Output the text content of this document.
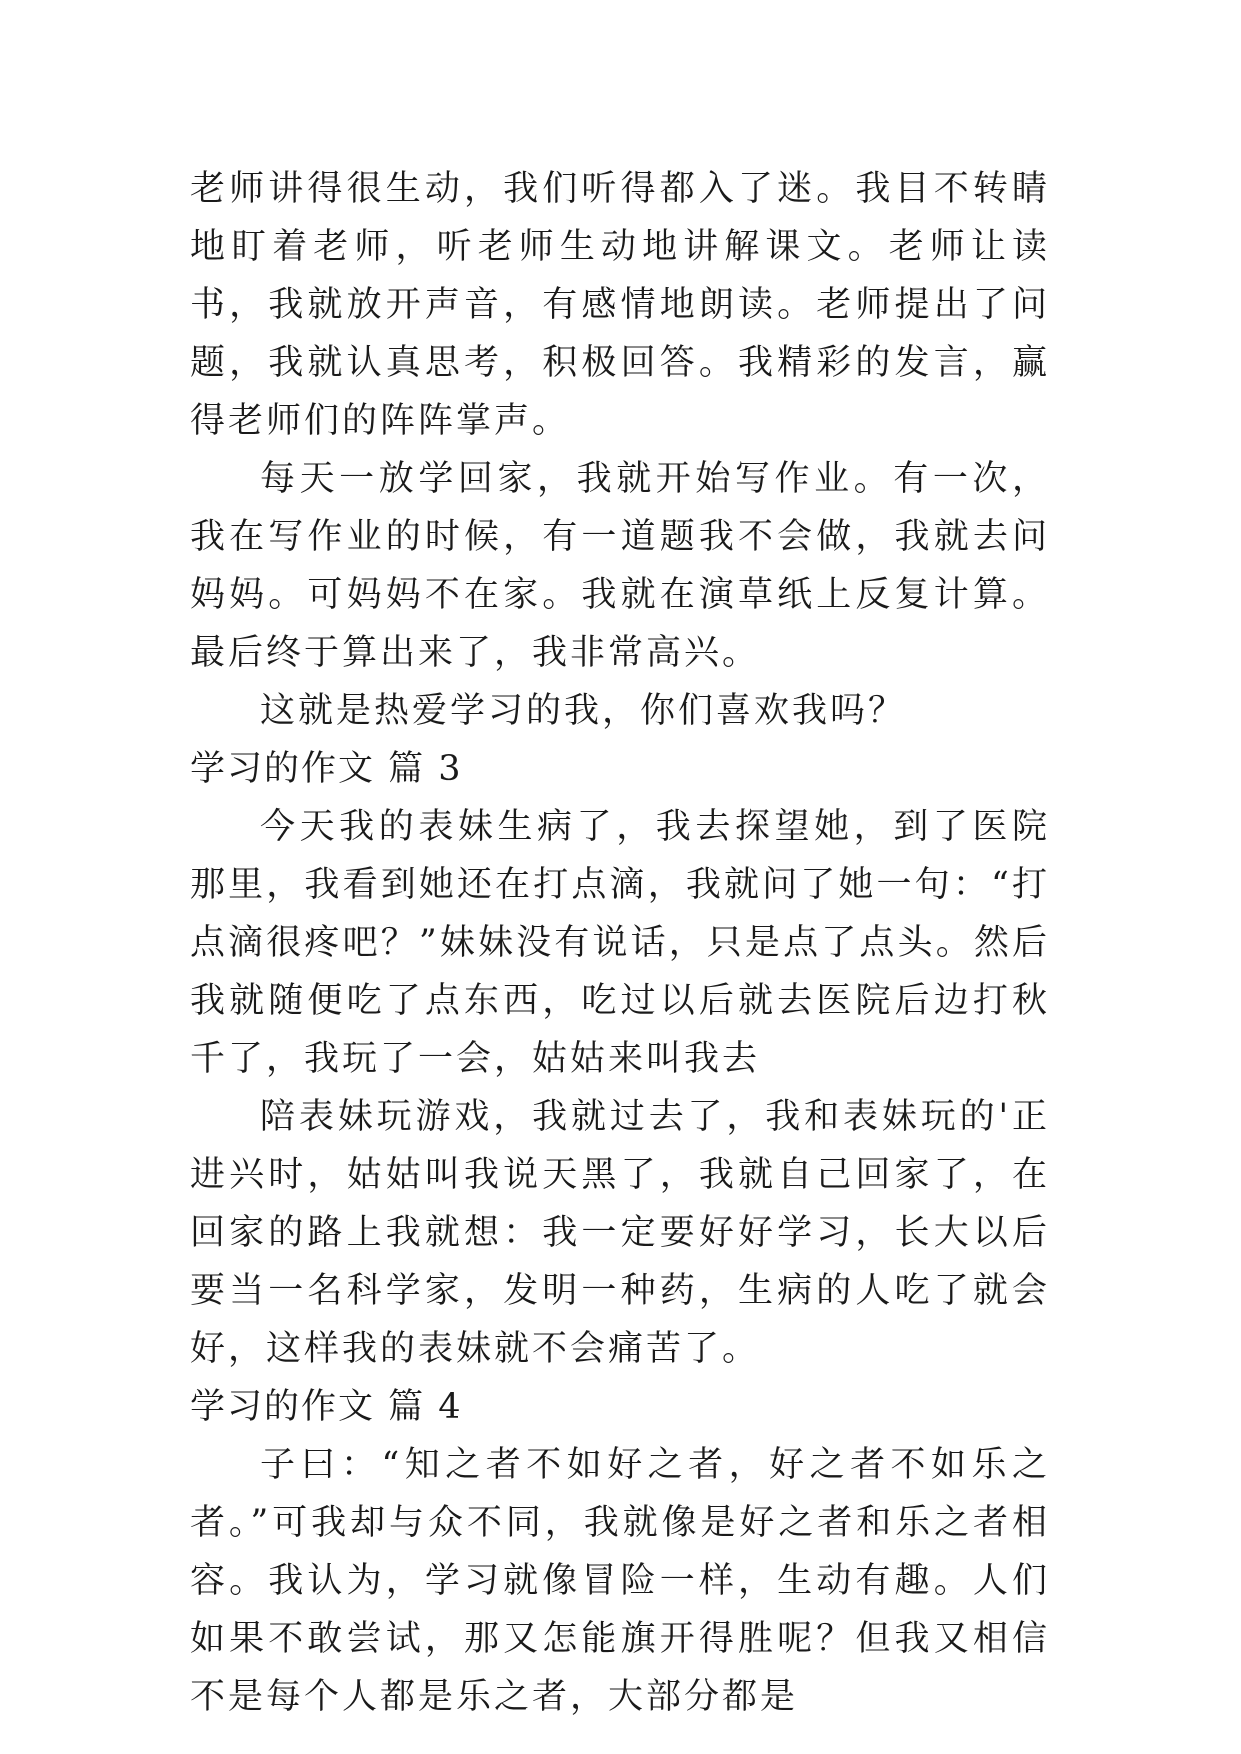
老师讲得很生动，我们听得都入了迷。我目不转睛地盯着老师，听老师生动地讲解课文。老师让读书，我就放开声音，有感情地朗读。老师提出了问题，我就认真思考，积极回答。我精彩的发言，赢得老师们的阵阵掌声。

每天一放学回家，我就开始写作业。有一次，我在写作业的时候，有一道题我不会做，我就去问妈妈。可妈妈不在家。我就在演草纸上反复计算。最后终于算出来了，我非常高兴。

这就是热爱学习的我，你们喜欢我吗？

学习的作文 篇 3

今天我的表妹生病了，我去探望她，到了医院那里，我看到她还在打点滴，我就问了她一句：“打点滴很疼吧？”妹妹没有说话，只是点了点头。然后我就随便吃了点东西，吃过以后就去医院后边打秋千了，我玩了一会，姑姑来叫我去

陪表妹玩游戏，我就过去了，我和表妹玩的'正进兴时，姑姑叫我说天黑了，我就自己回家了，在回家的路上我就想：我一定要好好学习，长大以后要当一名科学家，发明一种药，生病的人吃了就会好，这样我的表妹就不会痛苦了。

学习的作文 篇 4

子曰：“知之者不如好之者，好之者不如乐之者。”可我却与众不同，我就像是好之者和乐之者相容。我认为，学习就像冒险一样，生动有趣。人们如果不敢尝试，那又怎能旗开得胜呢？但我又相信不是每个人都是乐之者，大部分都是
